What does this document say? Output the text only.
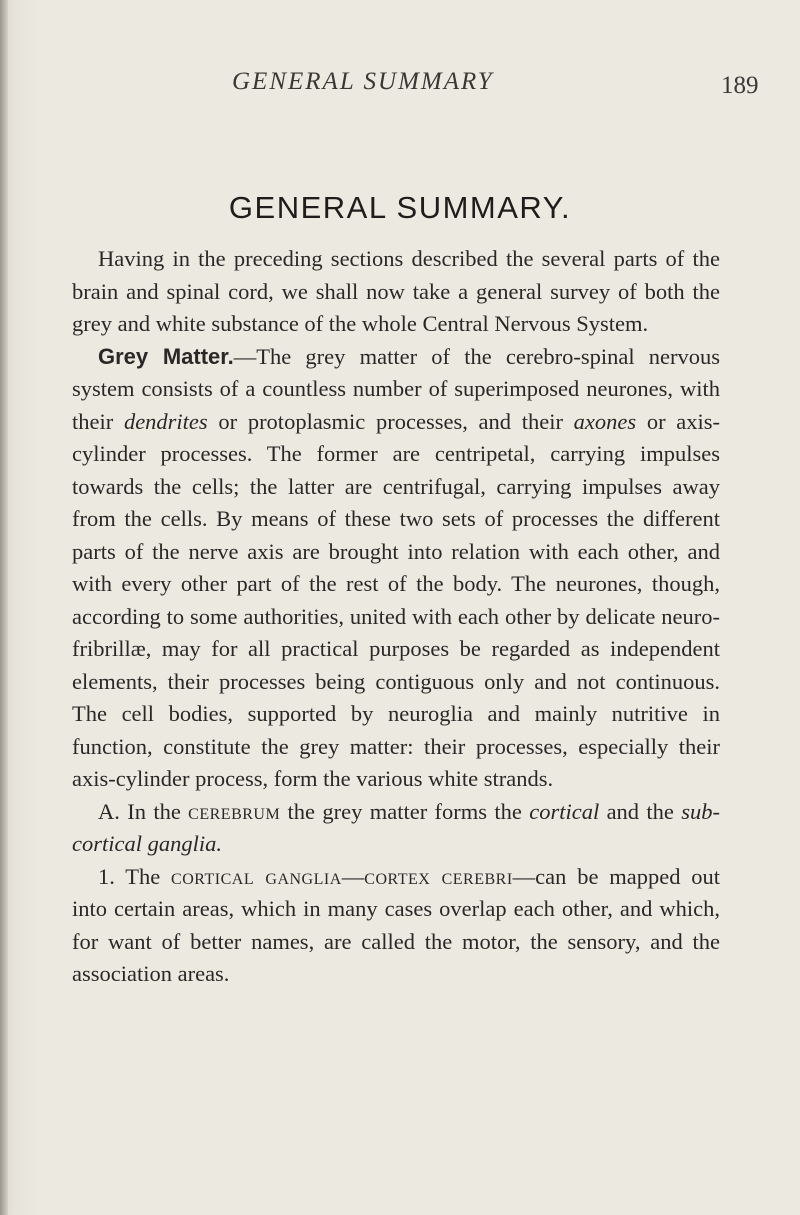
GENERAL SUMMARY	189
GENERAL SUMMARY.

Having in the preceding sections described the several parts of the brain and spinal cord, we shall now take a general survey of both the grey and white substance of the whole Central Nervous System.

Grey Matter.—The grey matter of the cerebro-spinal nervous system consists of a countless number of superimposed neurones, with their dendrites or protoplasmic processes, and their axones or axis-cylinder processes. The former are centripetal, carrying impulses towards the cells; the latter are centrifugal, carrying impulses away from the cells. By means of these two sets of processes the different parts of the nerve axis are brought into relation with each other, and with every other part of the rest of the body. The neurones, though, according to some authorities, united with each other by delicate neuro-fribrillæ, may for all practical purposes be regarded as independent elements, their processes being contiguous only and not continuous. The cell bodies, supported by neuroglia and mainly nutritive in function, constitute the grey matter: their processes, especially their axis-cylinder process, form the various white strands.

A. In the cerebrum the grey matter forms the cortical and the sub-cortical ganglia.

1. The cortical ganglia—cortex cerebri—can be mapped out into certain areas, which in many cases overlap each other, and which, for want of better names, are called the motor, the sensory, and the association areas.
